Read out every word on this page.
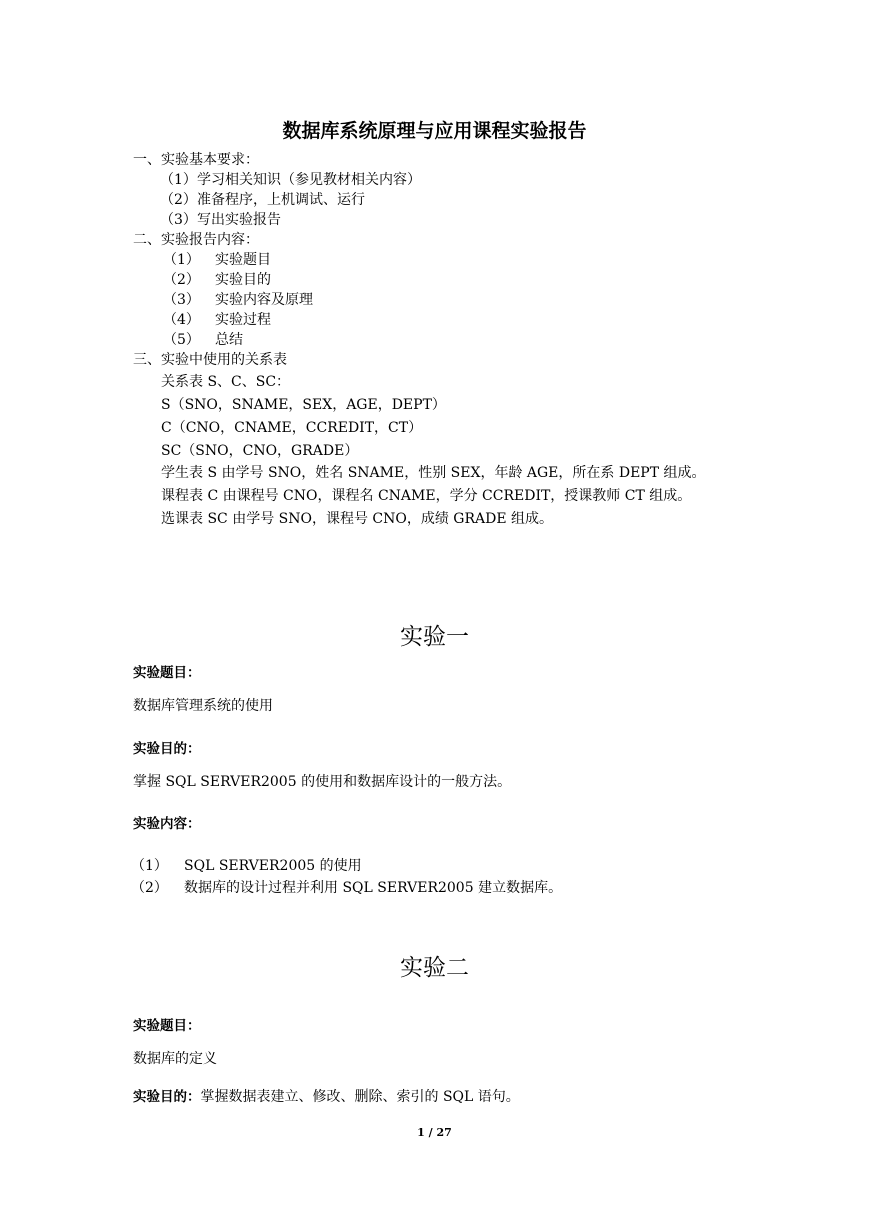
数据库系统原理与应用课程实验报告
一、实验基本要求：
（1）学习相关知识（参见教材相关内容）
（2）准备程序，上机调试、运行
（3）写出实验报告
二、实验报告内容：
（1） 实验题目
（2） 实验目的
（3） 实验内容及原理
（4） 实验过程
（5） 总结
三、实验中使用的关系表
关系表 S、C、SC：
S（SNO，SNAME，SEX，AGE，DEPT）
C（CNO，CNAME，CCREDIT，CT）
SC（SNO，CNO，GRADE）
学生表 S 由学号 SNO，姓名 SNAME，性别 SEX，年龄 AGE，所在系 DEPT 组成。
课程表 C 由课程号 CNO，课程名 CNAME，学分 CCREDIT，授课教师 CT 组成。
选课表 SC 由学号 SNO，课程号 CNO，成绩 GRADE 组成。
实验一
实验题目：
数据库管理系统的使用
实验目的：
掌握 SQL SERVER2005 的使用和数据库设计的一般方法。
实验内容：
（1） SQL SERVER2005 的使用
（2） 数据库的设计过程并利用 SQL SERVER2005 建立数据库。
实验二
实验题目：
数据库的定义
实验目的：掌握数据表建立、修改、删除、索引的 SQL 语句。
1 / 27
